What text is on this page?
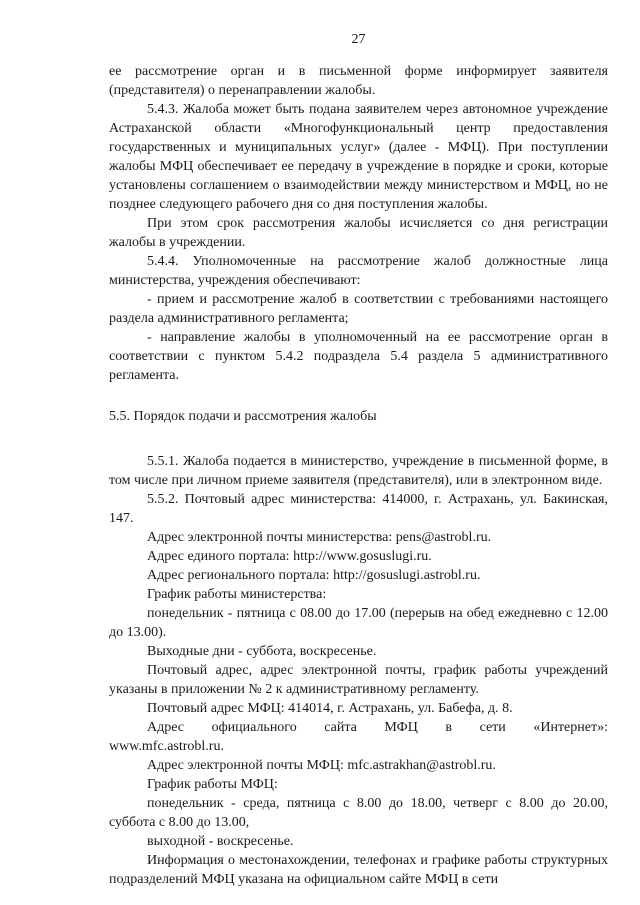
27

ее рассмотрение орган и в письменной форме информирует заявителя (представителя) о перенаправлении жалобы.

5.4.3. Жалоба может быть подана заявителем через автономное учреждение Астраханской области «Многофункциональный центр предоставления государственных и муниципальных услуг» (далее - МФЦ). При поступлении жалобы МФЦ обеспечивает ее передачу в учреждение в порядке и сроки, которые установлены соглашением о взаимодействии между министерством и МФЦ, но не позднее следующего рабочего дня со дня поступления жалобы.

При этом срок рассмотрения жалобы исчисляется со дня регистрации жалобы в учреждении.

5.4.4. Уполномоченные на рассмотрение жалоб должностные лица министерства, учреждения обеспечивают:

- прием и рассмотрение жалоб в соответствии с требованиями настоящего раздела административного регламента;

- направление жалобы в уполномоченный на ее рассмотрение орган в соответствии с пунктом 5.4.2 подраздела 5.4 раздела 5 административного регламента.

5.5. Порядок подачи и рассмотрения жалобы

5.5.1. Жалоба подается в министерство, учреждение в письменной форме, в том числе при личном приеме заявителя (представителя), или в электронном виде.

5.5.2. Почтовый адрес министерства: 414000, г. Астрахань, ул. Бакинская, 147.

Адрес электронной почты министерства: pens@astrobl.ru.

Адрес единого портала: http://www.gosuslugi.ru.

Адрес регионального портала: http://gosuslugi.astrobl.ru.

График работы министерства:

понедельник - пятница с 08.00 до 17.00 (перерыв на обед ежедневно с 12.00 до 13.00).

Выходные дни - суббота, воскресенье.

Почтовый адрес, адрес электронной почты, график работы учреждений указаны в приложении № 2 к административному регламенту.

Почтовый адрес МФЦ: 414014, г. Астрахань, ул. Бабефа, д. 8.

Адрес официального сайта МФЦ в сети «Интернет»:

www.mfc.astrobl.ru.

Адрес электронной почты МФЦ: mfc.astrakhan@astrobl.ru.

График работы МФЦ:

понедельник - среда, пятница с 8.00 до 18.00, четверг с 8.00 до 20.00, суббота с 8.00 до 13.00,

выходной - воскресенье.

Информация о местонахождении, телефонах и графике работы структурных подразделений МФЦ указана на официальном сайте МФЦ в сети
